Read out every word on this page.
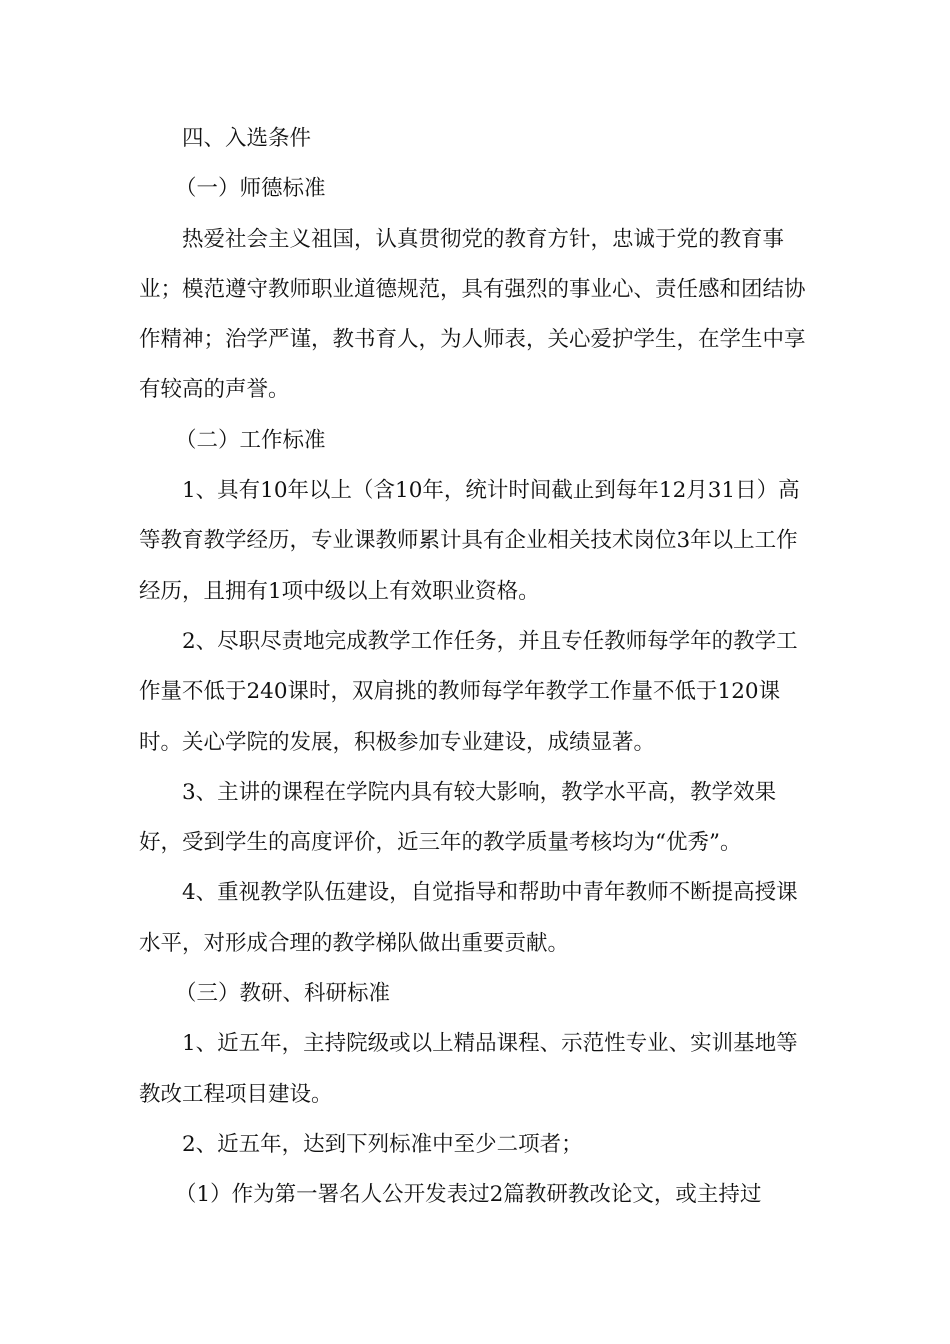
四、入选条件

（一）师德标准

热爱社会主义祖国，认真贯彻党的教育方针，忠诚于党的教育事业；模范遵守教师职业道德规范，具有强烈的事业心、责任感和团结协作精神；治学严谨，教书育人，为人师表，关心爱护学生，在学生中享有较高的声誉。

（二）工作标准

1、具有10年以上（含10年，统计时间截止到每年12月31日）高等教育教学经历，专业课教师累计具有企业相关技术岗位3年以上工作经历，且拥有1项中级以上有效职业资格。

2、尽职尽责地完成教学工作任务，并且专任教师每学年的教学工作量不低于240课时，双肩挑的教师每学年教学工作量不低于120课时。关心学院的发展，积极参加专业建设，成绩显著。

3、主讲的课程在学院内具有较大影响，教学水平高，教学效果好，受到学生的高度评价，近三年的教学质量考核均为“优秀”。

4、重视教学队伍建设，自觉指导和帮助中青年教师不断提高授课水平，对形成合理的教学梯队做出重要贡献。

（三）教研、科研标准

1、近五年，主持院级或以上精品课程、示范性专业、实训基地等教改工程项目建设。

2、近五年，达到下列标准中至少二项者；

（1）作为第一署名人公开发表过2篇教研教改论文，或主持过
